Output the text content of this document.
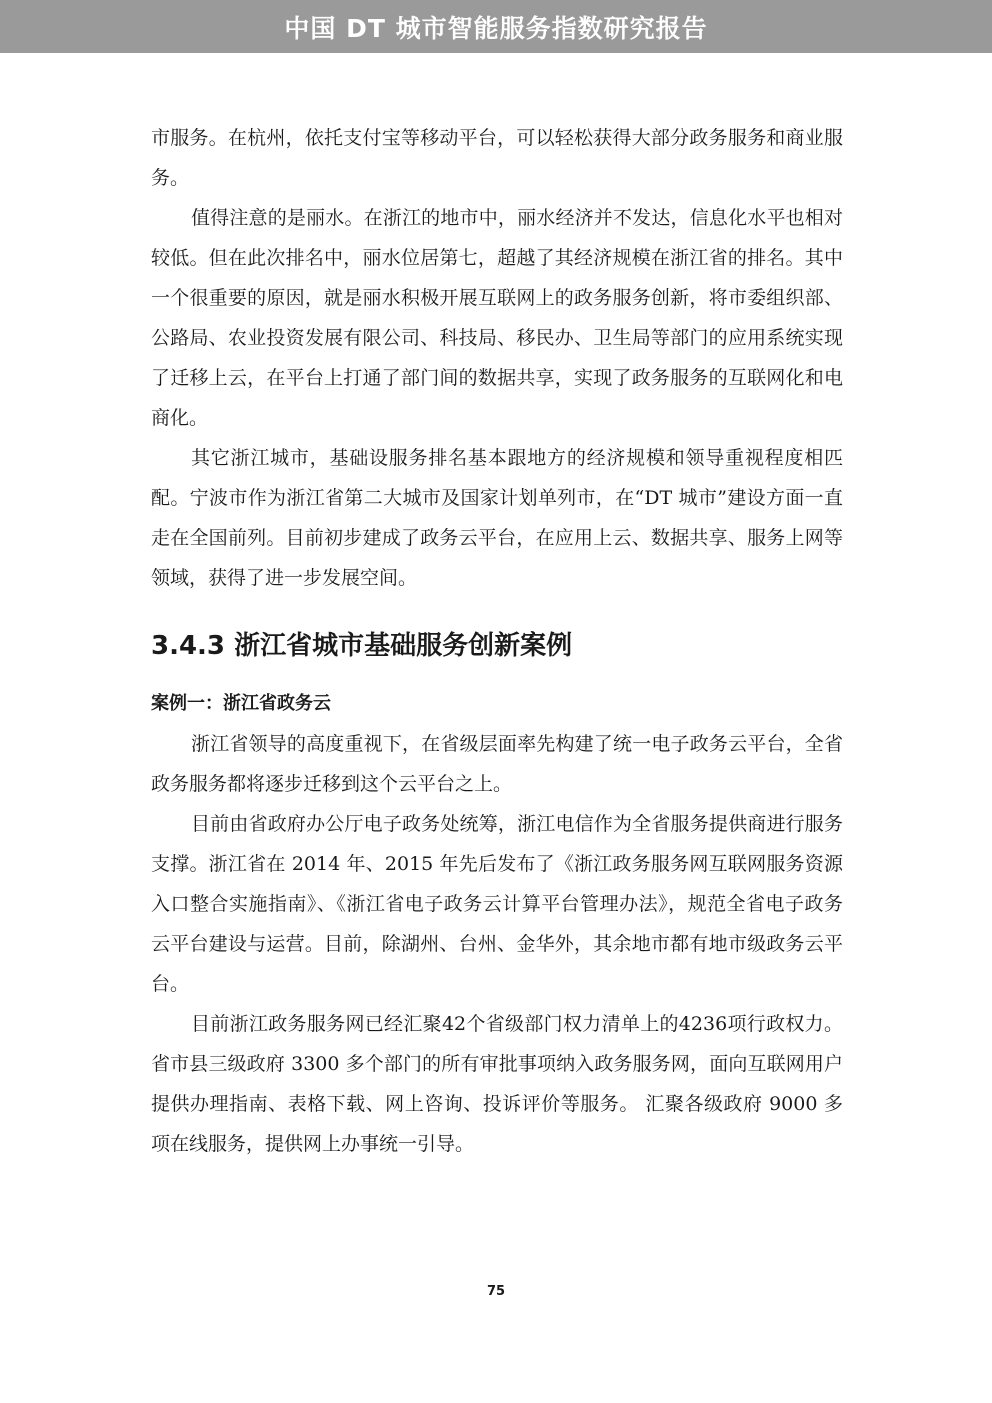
中国 DT 城市智能服务指数研究报告

市服务。在杭州，依托支付宝等移动平台，可以轻松获得大部分政务服务和商业服务。

值得注意的是丽水。在浙江的地市中，丽水经济并不发达，信息化水平也相对较低。但在此次排名中，丽水位居第七，超越了其经济规模在浙江省的排名。其中一个很重要的原因，就是丽水积极开展互联网上的政务服务创新，将市委组织部、公路局、农业投资发展有限公司、科技局、移民办、卫生局等部门的应用系统实现了迁移上云，在平台上打通了部门间的数据共享，实现了政务服务的互联网化和电商化。

其它浙江城市，基础设服务排名基本跟地方的经济规模和领导重视程度相匹配。宁波市作为浙江省第二大城市及国家计划单列市，在“DT 城市”建设方面一直走在全国前列。目前初步建成了政务云平台，在应用上云、数据共享、服务上网等领域，获得了进一步发展空间。

3.4.3 浙江省城市基础服务创新案例
案例一：浙江省政务云

浙江省领导的高度重视下，在省级层面率先构建了统一电子政务云平台，全省政务服务都将逐步迁移到这个云平台之上。

目前由省政府办公厅电子政务处统筹，浙江电信作为全省服务提供商进行服务支撑。浙江省在 2014 年、2015 年先后发布了《浙江政务服务网互联网服务资源入口整合实施指南》、《浙江省电子政务云计算平台管理办法》，规范全省电子政务云平台建设与运营。目前，除湖州、台州、金华外，其余地市都有地市级政务云平台。

目前浙江政务服务网已经汇聚42个省级部门权力清单上的4236项行政权力。省市县三级政府 3300 多个部门的所有审批事项纳入政务服务网，面向互联网用户提供办理指南、表格下载、网上咨询、投诉评价等服务。 汇聚各级政府 9000 多项在线服务，提供网上办事统一引导。

75
